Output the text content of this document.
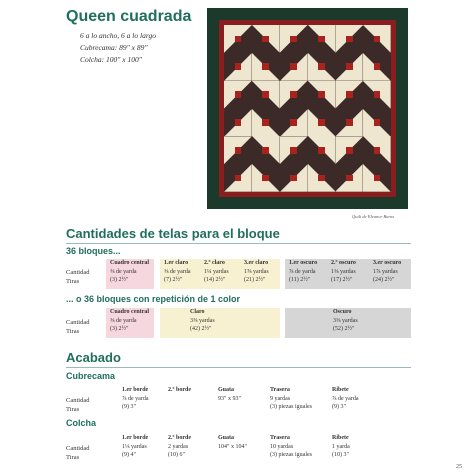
Queen cuadrada
6 a lo ancho, 6 a lo largo
Cubrecama: 89" x 89"
Colcha: 100" x 100"
Quilt de Eleanor Burns
Cantidades de telas para el bloque
36 bloques...
Cantidad
Tiras
Cuadro central
⅜ de yarda
(3) 2½"
1.er claro
⅜ de yarda
(7) 2½"
2.º claro
1¼ yardas
(14) 2½"
3.er claro
1⅝ yardas
(21) 2½"
1.er oscuro
⅞ de yarda
(11) 2½"
2.º oscuro
1⅜ yardas
(17) 2½"
3.er oscuro
1⅞ yardas
(24) 2½"
... o 36 bloques con repetición de 1 color
Cantidad
Tiras
Cuadro central
⅜ de yarda
(3) 2½"
Claro
3⅜ yardas
(42) 2½"
Oscuro
3⅜ yardas
(52) 2½"
Acabado
Cubrecama
Cantidad
Tiras
1.er borde
⅞ de yarda
(9) 3"
2.º borde	Guata
93" x 93"
Trasera
9 yardas
(3) piezas iguales
Ribete
⅞ de yarda
(9) 3"
Colcha
Cantidad
Tiras
1.er borde
1⅛ yardas
(9) 4"
2.º borde
2 yardas
(10) 6"
Guata
104" x 104"
Trasera
10 yardas
(3) piezas iguales
Ribete
1 yarda
(10) 3"
25
